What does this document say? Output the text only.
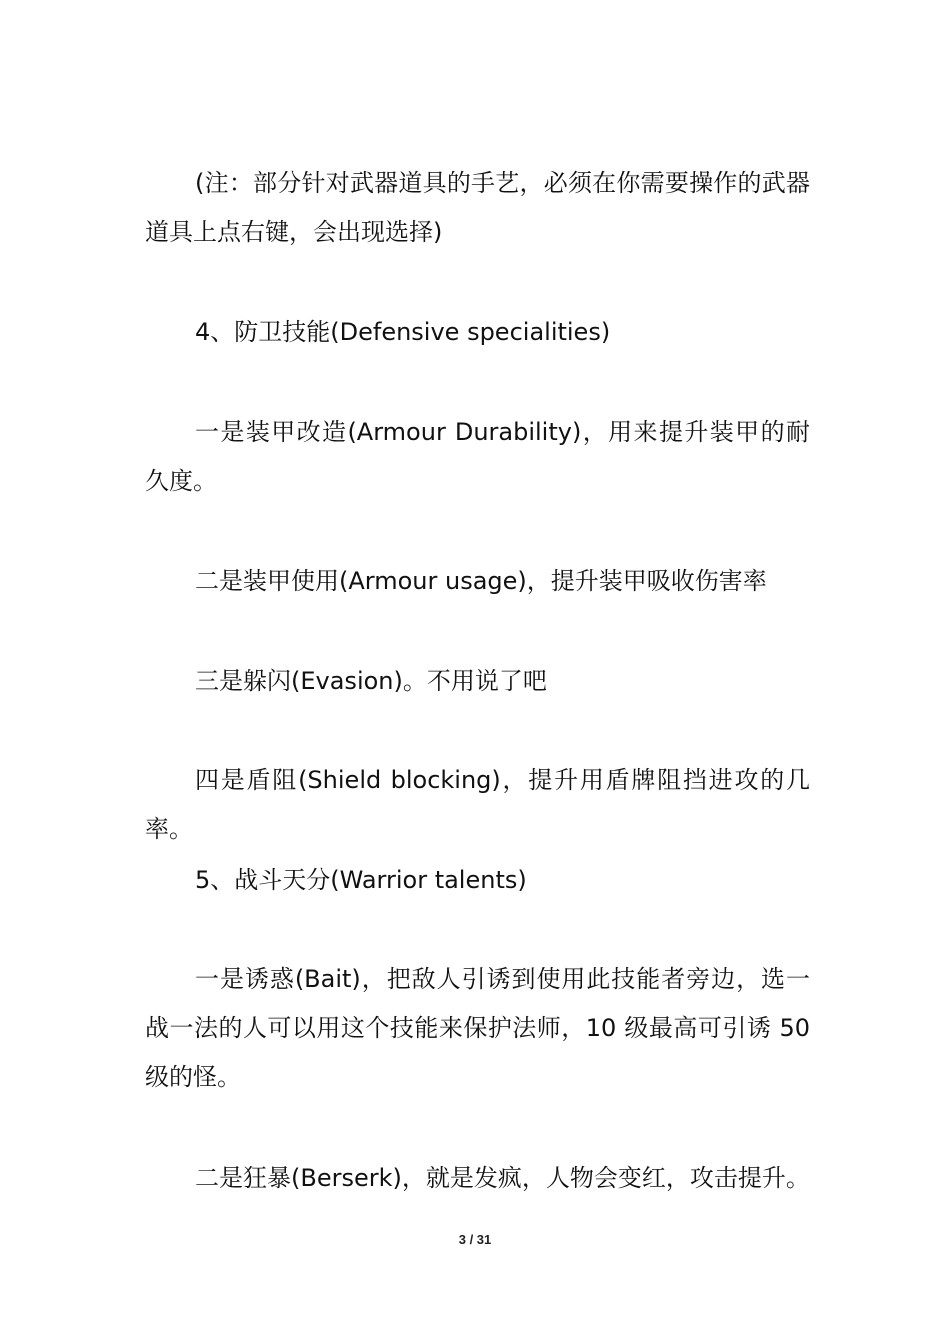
(注：部分针对武器道具的手艺，必须在你需要操作的武器道具上点右键，会出现选择)

4、防卫技能(Defensive specialities)

一是装甲改造(Armour Durability)，用来提升装甲的耐久度。

二是装甲使用(Armour usage)，提升装甲吸收伤害率

三是躲闪(Evasion)。不用说了吧

四是盾阻(Shield blocking)，提升用盾牌阻挡进攻的几率。

5、战斗天分(Warrior talents)

一是诱惑(Bait)，把敌人引诱到使用此技能者旁边，选一战一法的人可以用这个技能来保护法师，10 级最高可引诱 50 级的怪。

二是狂暴(Berserk)，就是发疯，人物会变红，攻击提升。

3 / 31
